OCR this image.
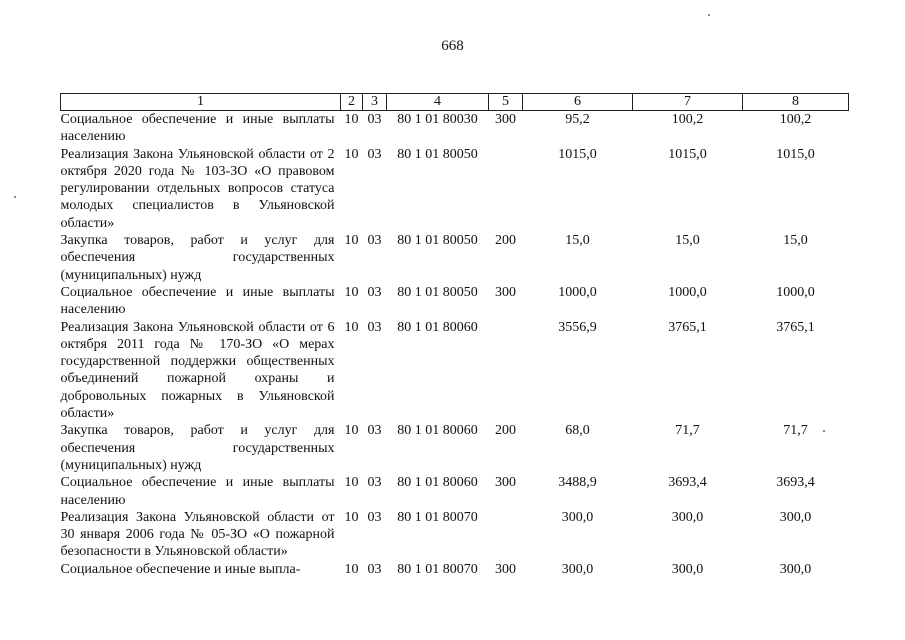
668
1	2	3	4	5	6	7	8
Социальное обеспечение и иные выплаты населению	10	03	80 1 01 80030	300	95,2	100,2	100,2
Реализация Закона Ульяновской области от 2 октября 2020 года № 103-ЗО «О правовом регулировании отдельных вопросов статуса молодых специалистов в Ульяновской области»	10	03	80 1 01 80050		1015,0	1015,0	1015,0
Закупка товаров, работ и услуг для обеспечения государственных (муниципальных) нужд	10	03	80 1 01 80050	200	15,0	15,0	15,0
Социальное обеспечение и иные выплаты населению	10	03	80 1 01 80050	300	1000,0	1000,0	1000,0
Реализация Закона Ульяновской области от 6 октября 2011 года № 170-ЗО «О мерах государственной поддержки общественных объединений пожарной охраны и добровольных пожарных в Ульяновской области»	10	03	80 1 01 80060		3556,9	3765,1	3765,1
Закупка товаров, работ и услуг для обеспечения государственных (муниципальных) нужд	10	03	80 1 01 80060	200	68,0	71,7	71,7
Социальное обеспечение и иные выплаты населению	10	03	80 1 01 80060	300	3488,9	3693,4	3693,4
Реализация Закона Ульяновской области от 30 января 2006 года № 05-ЗО «О пожарной безопасности в Ульяновской области»	10	03	80 1 01 80070		300,0	300,0	300,0
Социальное обеспечение и иные выпла-	10	03	80 1 01 80070	300	300,0	300,0	300,0
